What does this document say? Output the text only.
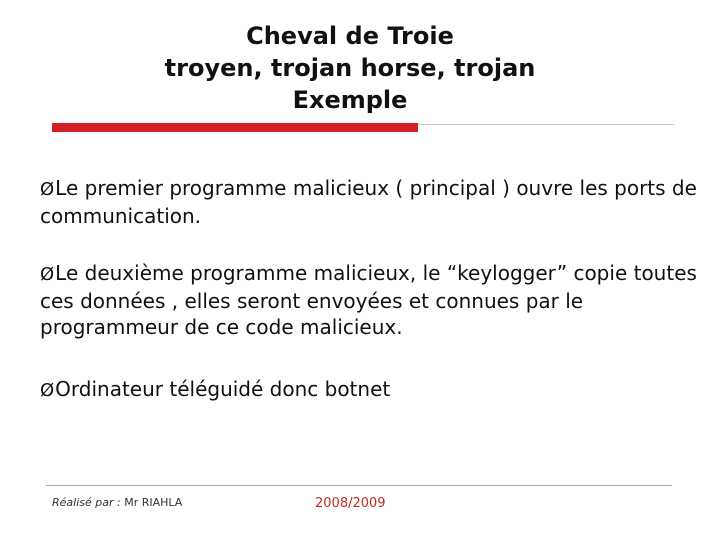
Cheval de Troie
troyen, trojan horse, trojan
Exemple
ØLe premier programme malicieux ( principal ) ouvre les ports de communication.
ØLe deuxième programme malicieux, le “keylogger” copie toutes ces données , elles seront envoyées et connues par le programmeur de ce code malicieux.
ØOrdinateur téléguidé donc botnet
Réalisé par : Mr RIAHLA	2008/2009
